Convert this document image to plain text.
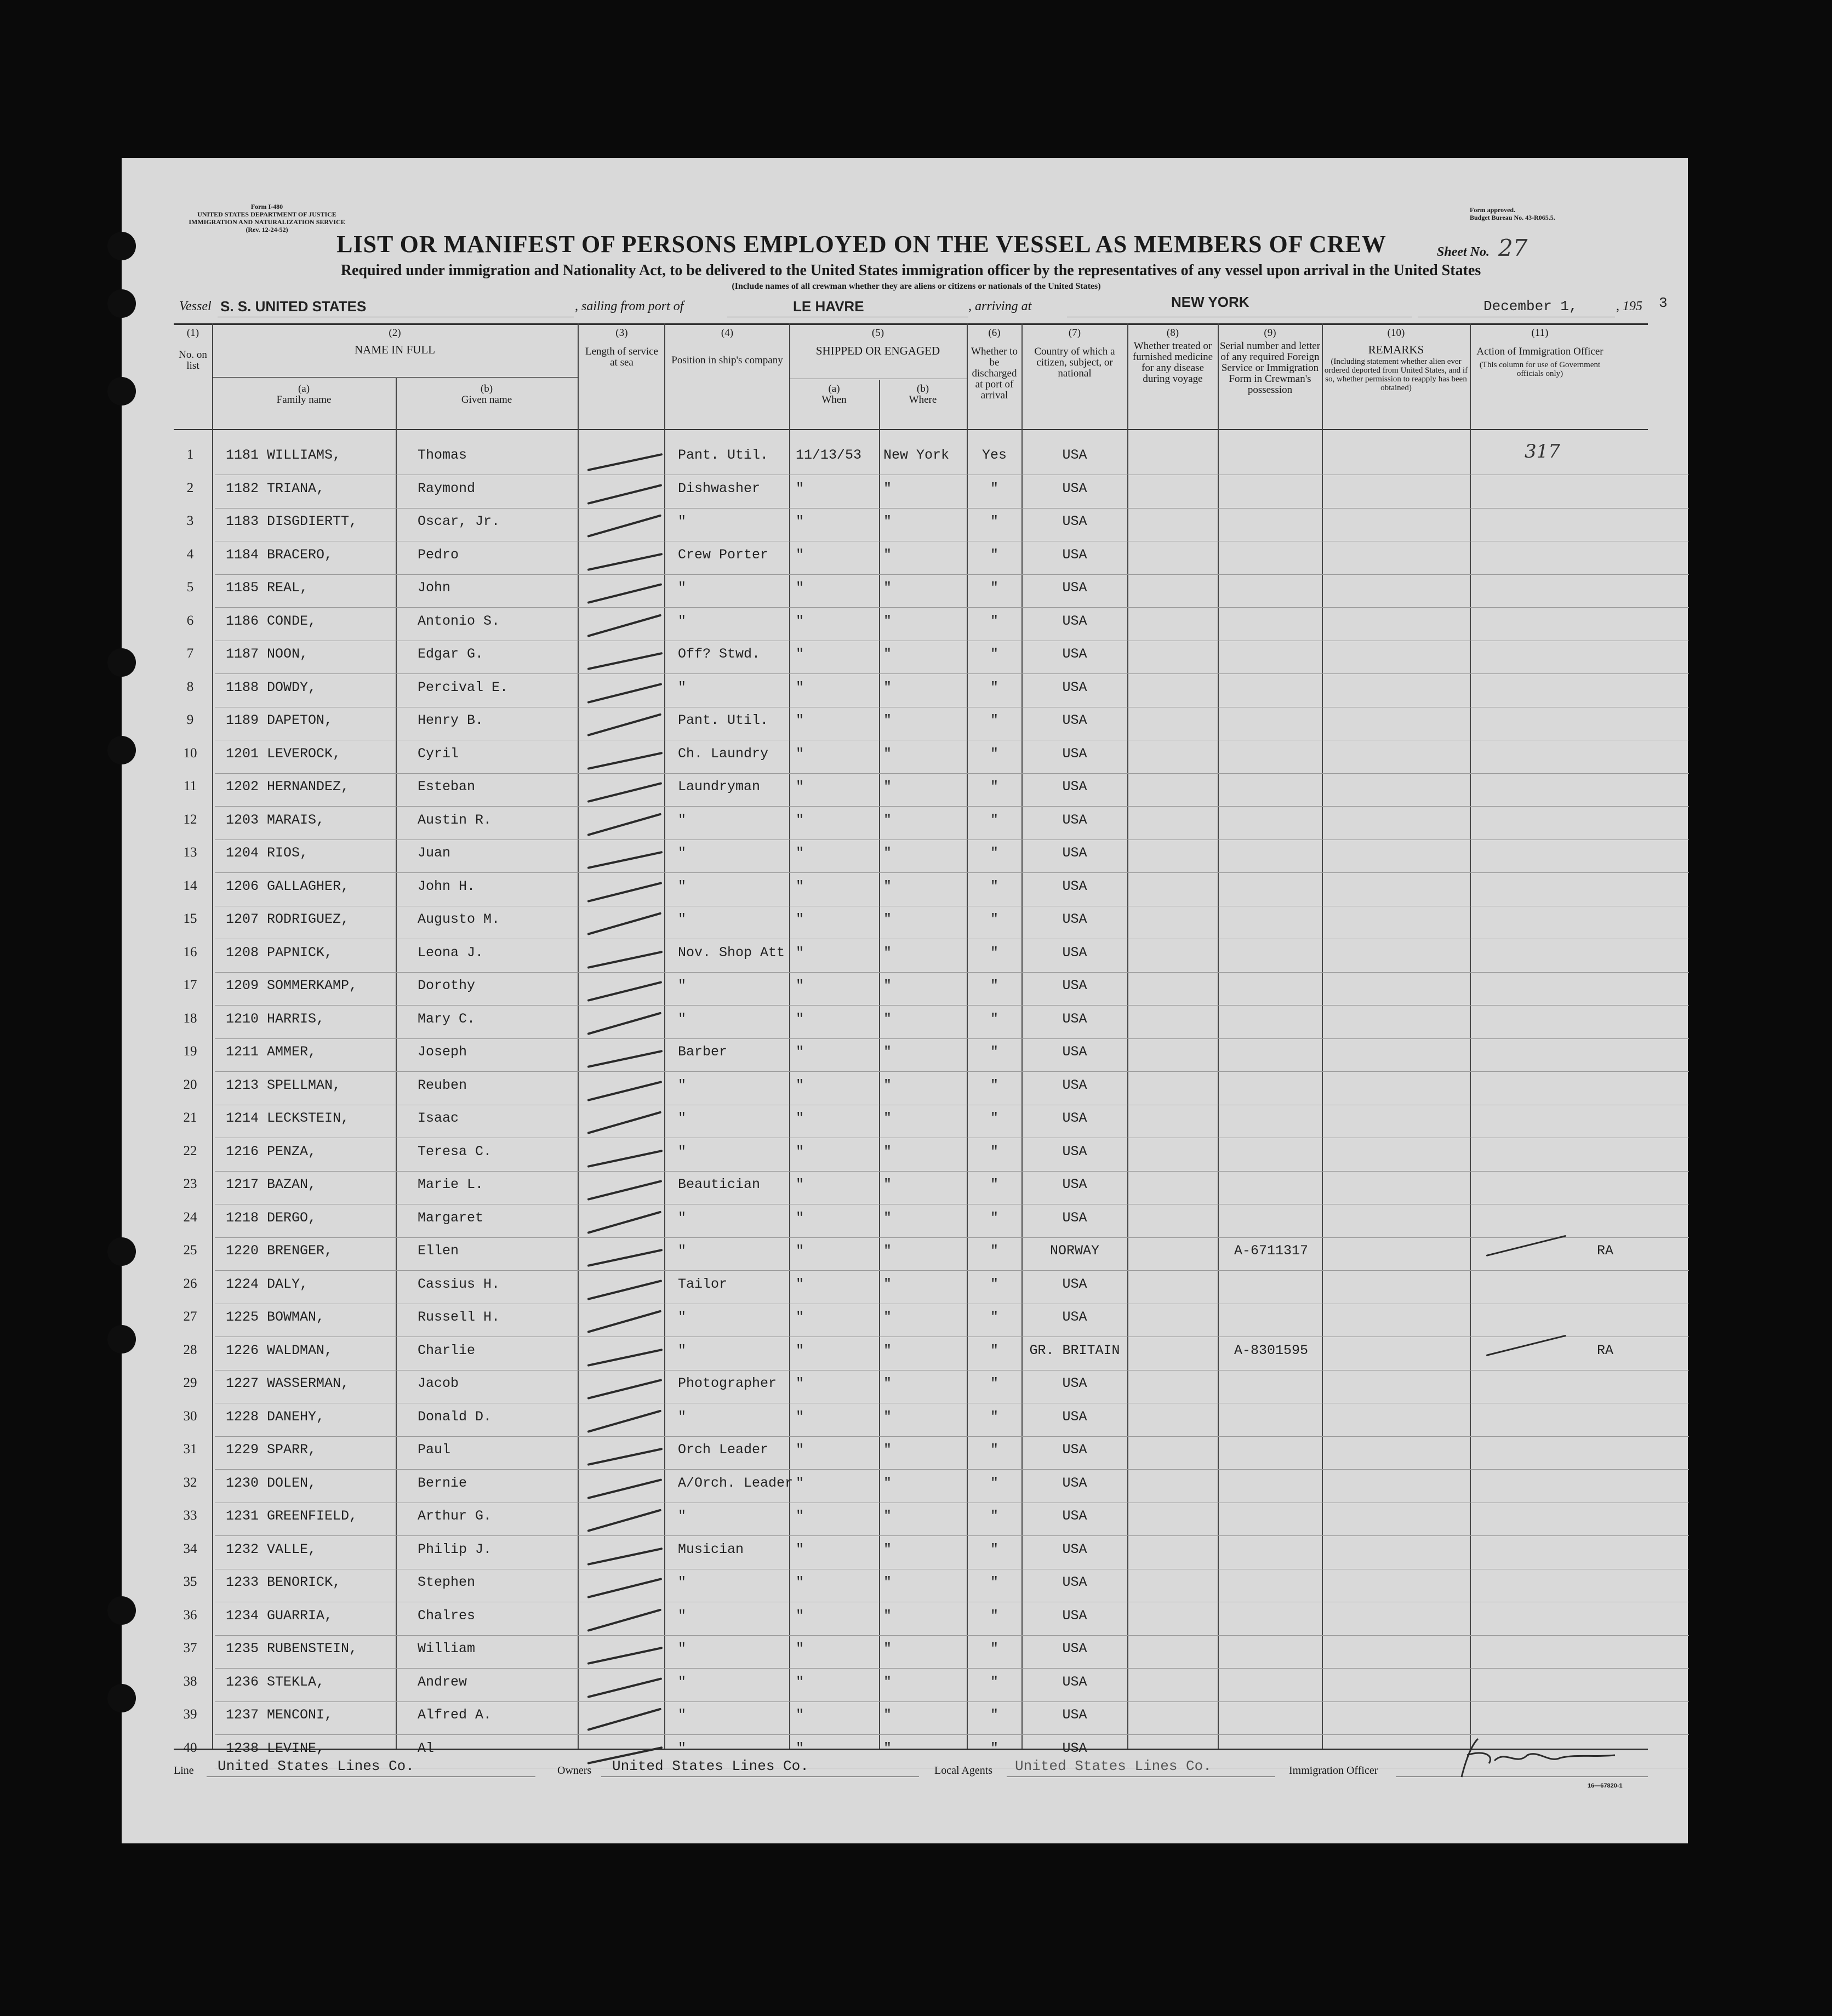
Form I-480
UNITED STATES DEPARTMENT OF JUSTICE
IMMIGRATION AND NATURALIZATION SERVICE
(Rev. 12-24-52)
Form approved.
Budget Bureau No. 43-R065.5.
LIST OR MANIFEST OF PERSONS EMPLOYED ON THE VESSEL AS MEMBERS OF CREW	Sheet No. 27
Required under immigration and Nationality Act, to be delivered to the United States immigration officer by the representatives of any vessel upon arrival in the United States
(Include names of all crewman whether they are aliens or citizens or nationals of the United States)
Vessel S. S. UNITED STATES	, sailing from port of	LE HAVRE	, arriving at	NEW YORK	December 1,	, 195 3
(1)
No. on list
(2)
NAME IN FULL
(a)
Family name
(b)
Given name
(3)
Length of service at sea
(4)
Position in ship's company
(5)
SHIPPED OR ENGAGED
(a)
When
(b)
Where
(6)
Whether to be discharged at port of arrival
(7)
Country of which a citizen, subject, or national
(8)
Whether treated or furnished medicine for any disease during voyage
(9)
Serial number and letter of any required Foreign Service or Immigration Form in Crewman's possession
(10)
REMARKS
(Including statement whether alien ever ordered deported from United States, and if so, whether permission to reapply has been obtained)
(11)
Action of Immigration Officer
(This column for use of Government officials only)
1	1181 WILLIAMS,	Thomas	Pant. Util. 11/13/53 New York	Yes	USA	317
2	1182 TRIANA,	Raymond	Dishwasher	"	"	"	USA
3	1183 DISGDIERTT,	Oscar, Jr.	"	"	"	"	USA
4	1184 BRACERO,	Pedro	Crew Porter "	"	"	USA
5	1185 REAL,	John	"	"	"	"	USA
6	1186 CONDE,	Antonio S.	"	"	"	"	USA
7	1187 NOON,	Edgar G.	Off? Stwd.	"	"	"	USA
8	1188 DOWDY,	Percival E.	"	"	"	"	USA
9	1189 DAPETON,	Henry B.	Pant. Util. "	"	"	USA
10	1201 LEVEROCK,	Cyril	Ch. Laundry "	"	"	USA
11	1202 HERNANDEZ,	Esteban	Laundryman	"	"	"	USA
12	1203 MARAIS,	Austin R.	"	"	"	"	USA
13	1204 RIOS,	Juan	"	"	"	"	USA
14	1206 GALLAGHER,	John H.	"	"	"	"	USA
15	1207 RODRIGUEZ,	Augusto M.	"	"	"	"	USA
16	1208 PAPNICK,	Leona J.	Nov. Shop Att "	"	"	USA
17	1209 SOMMERKAMP,	Dorothy	"	"	"	"	USA
18	1210 HARRIS,	Mary C.	"	"	"	"	USA
19	1211 AMMER,	Joseph	Barber	"	"	"	USA
20	1213 SPELLMAN,	Reuben	"	"	"	"	USA
21	1214 LECKSTEIN,	Isaac	"	"	"	"	USA
22	1216 PENZA,	Teresa C.	"	"	"	"	USA
23	1217 BAZAN,	Marie L.	Beautician	"	"	"	USA
24	1218 DERGO,	Margaret	"	"	"	"	USA
25	1220 BRENGER,	Ellen	"	"	"	"	NORWAY	A-6711317	RA
26	1224 DALY,	Cassius H.	Tailor	"	"	"	USA
27	1225 BOWMAN,	Russell H.	"	"	"	"	USA
28	1226 WALDMAN,	Charlie	"	"	"	"	GR. BRITAIN	A-8301595	RA
29	1227 WASSERMAN,	Jacob	Photographer "	"	"	USA
30	1228 DANEHY,	Donald D.	"	"	"	"	USA
31	1229 SPARR,	Paul	Orch Leader "	"	"	USA
32	1230 DOLEN,	Bernie	A/Orch. Leader "	"	"	USA
33	1231 GREENFIELD,	Arthur G.	"	"	"	"	USA
34	1232 VALLE,	Philip J.	Musician	"	"	"	USA
35	1233 BENORICK,	Stephen	"	"	"	"	USA
36	1234 GUARRIA,	Chalres	"	"	"	"	USA
37	1235 RUBENSTEIN,	William	"	"	"	"	USA
38	1236 STEKLA,	Andrew	"	"	"	"	USA
39	1237 MENCONI,	Alfred A.	"	"	"	"	USA
40	1238 LEVINE,	Al	"	"	"	"	USA
Line United States Lines Co.	Owners United States Lines Co.	Local Agents United States Lines Co.	Immigration Officer
16—67820-1
